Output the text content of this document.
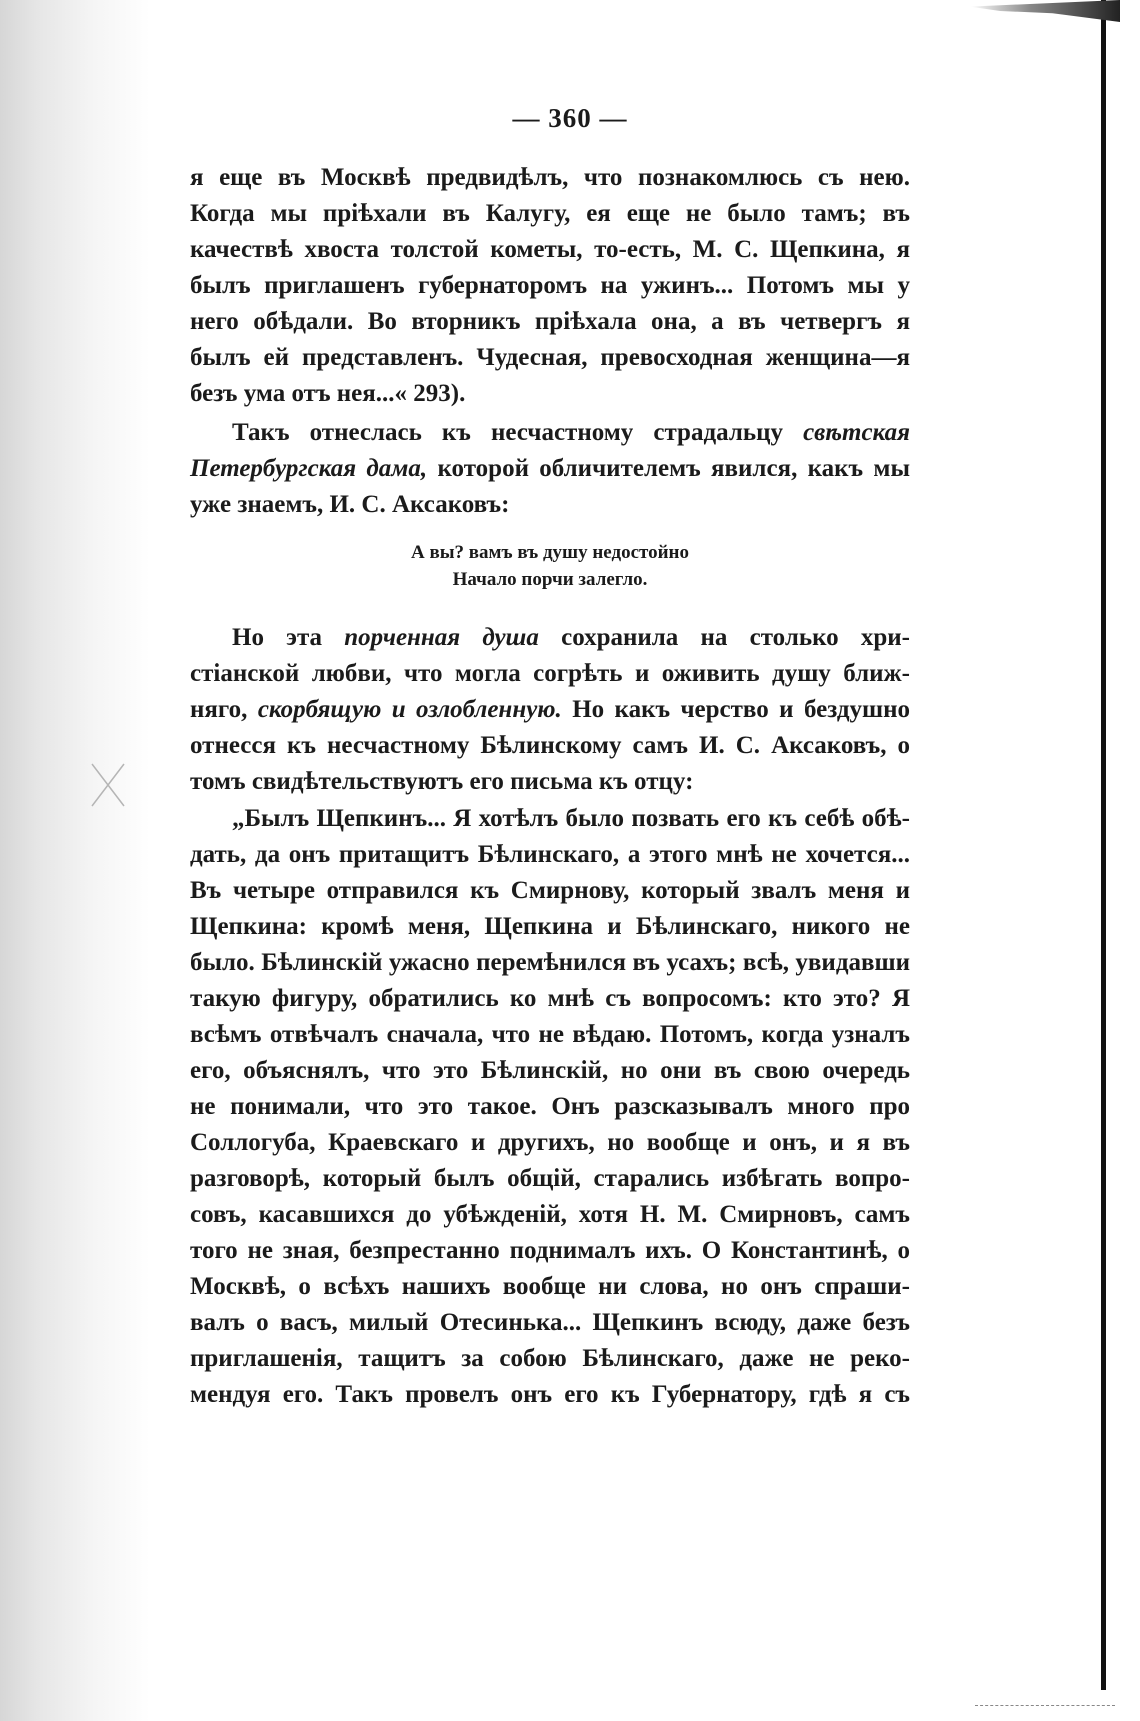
— 360 —
я еще въ Москвѣ предвидѣлъ, что познакомлюсь съ нею.
Когда мы пріѣхали въ Калугу, ея еще не было тамъ; въ
качествѣ хвоста толстой кометы, то-есть, М. С. Щепкина, я
былъ приглашенъ губернаторомъ на ужинъ... Потомъ мы у
него обѣдали. Во вторникъ пріѣхала она, а въ четвергъ я
былъ ей представленъ. Чудесная, превосходная женщина—я
безъ ума отъ нея...« 293).
Такъ отнеслась къ несчастному страдальцу свѣтская
Петербургская дама, которой обличителемъ явился, какъ мы
уже знаемъ, И. С. Аксаковъ:
А вы? вамъ въ душу недостойно
Начало порчи залегло.
Но эта порченная душа сохранила на столько хри-
стіанской любви, что могла согрѣть и оживить душу ближ-
няго, скорбящую и озлобленную. Но какъ черство и бездушно
отнесся къ несчастному Бѣлинскому самъ И. С. Аксаковъ, о
томъ свидѣтельствуютъ его письма къ отцу:
„Былъ Щепкинъ... Я хотѣлъ было позвать его къ себѣ обѣ-
дать, да онъ притащитъ Бѣлинскаго, а этого мнѣ не хочется...
Въ четыре отправился къ Смирнову, который звалъ меня и
Щепкина: кромѣ меня, Щепкина и Бѣлинскаго, никого не
было. Бѣлинскій ужасно перемѣнился въ усахъ; всѣ, увидавши
такую фигуру, обратились ко мнѣ съ вопросомъ: кто это? Я
всѣмъ отвѣчалъ сначала, что не вѣдаю. Потомъ, когда узналъ
его, объяснялъ, что это Бѣлинскій, но они въ свою очередь
не понимали, что это такое. Онъ разсказывалъ много про
Соллогуба, Краевскаго и другихъ, но вообще и онъ, и я въ
разговорѣ, который былъ общій, старались избѣгать вопро-
совъ, касавшихся до убѣжденій, хотя Н. М. Смирновъ, самъ
того не зная, безпрестанно поднималъ ихъ. О Константинѣ, о
Москвѣ, о всѣхъ нашихъ вообще ни слова, но онъ спраши-
валъ о васъ, милый Отесинька... Щепкинъ всюду, даже безъ
приглашенія, тащитъ за собою Бѣлинскаго, даже не реко-
мендуя его. Такъ провелъ онъ его къ Губернатору, гдѣ я съ
